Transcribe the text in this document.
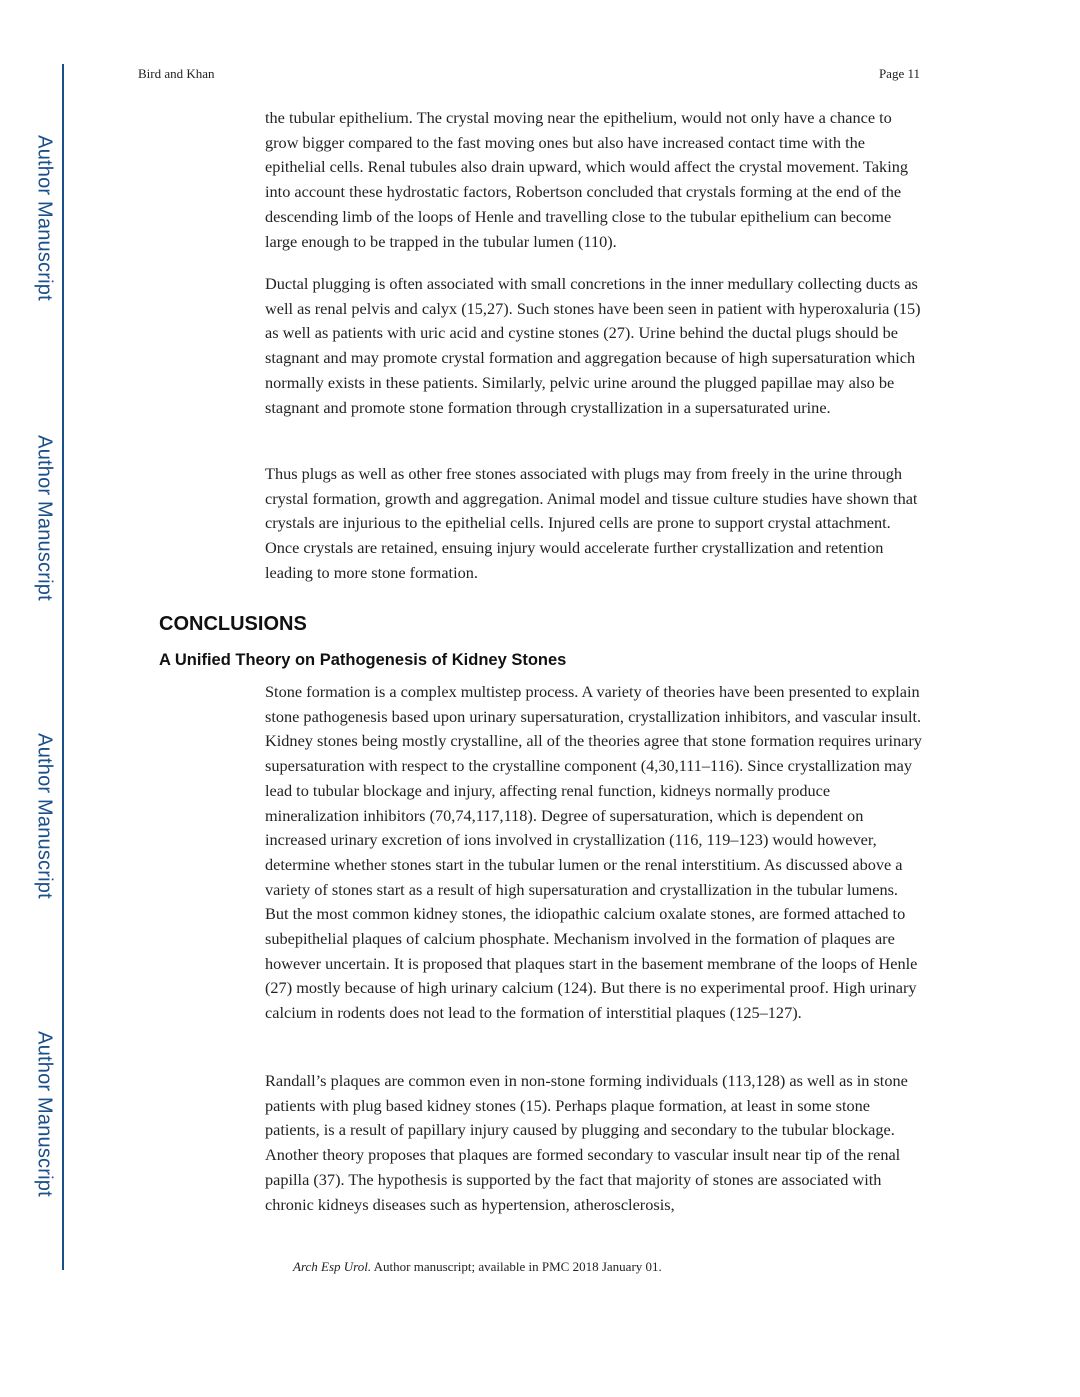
Author Manuscript
Author Manuscript
Author Manuscript
Author Manuscript
Bird and Khan	Page 11

the tubular epithelium. The crystal moving near the epithelium, would not only have a chance to grow bigger compared to the fast moving ones but also have increased contact time with the epithelial cells. Renal tubules also drain upward, which would affect the crystal movement. Taking into account these hydrostatic factors, Robertson concluded that crystals forming at the end of the descending limb of the loops of Henle and travelling close to the tubular epithelium can become large enough to be trapped in the tubular lumen (110).

Ductal plugging is often associated with small concretions in the inner medullary collecting ducts as well as renal pelvis and calyx (15,27). Such stones have been seen in patient with hyperoxaluria (15) as well as patients with uric acid and cystine stones (27). Urine behind the ductal plugs should be stagnant and may promote crystal formation and aggregation because of high supersaturation which normally exists in these patients. Similarly, pelvic urine around the plugged papillae may also be stagnant and promote stone formation through crystallization in a supersaturated urine.

Thus plugs as well as other free stones associated with plugs may from freely in the urine through crystal formation, growth and aggregation. Animal model and tissue culture studies have shown that crystals are injurious to the epithelial cells. Injured cells are prone to support crystal attachment. Once crystals are retained, ensuing injury would accelerate further crystallization and retention leading to more stone formation.

CONCLUSIONS
A Unified Theory on Pathogenesis of Kidney Stones

Stone formation is a complex multistep process. A variety of theories have been presented to explain stone pathogenesis based upon urinary supersaturation, crystallization inhibitors, and vascular insult. Kidney stones being mostly crystalline, all of the theories agree that stone formation requires urinary supersaturation with respect to the crystalline component (4,30,111–116). Since crystallization may lead to tubular blockage and injury, affecting renal function, kidneys normally produce mineralization inhibitors (70,74,117,118). Degree of supersaturation, which is dependent on increased urinary excretion of ions involved in crystallization (116, 119–123) would however, determine whether stones start in the tubular lumen or the renal interstitium. As discussed above a variety of stones start as a result of high supersaturation and crystallization in the tubular lumens. But the most common kidney stones, the idiopathic calcium oxalate stones, are formed attached to subepithelial plaques of calcium phosphate. Mechanism involved in the formation of plaques are however uncertain. It is proposed that plaques start in the basement membrane of the loops of Henle (27) mostly because of high urinary calcium (124). But there is no experimental proof. High urinary calcium in rodents does not lead to the formation of interstitial plaques (125–127).

Randall’s plaques are common even in non-stone forming individuals (113,128) as well as in stone patients with plug based kidney stones (15). Perhaps plaque formation, at least in some stone patients, is a result of papillary injury caused by plugging and secondary to the tubular blockage. Another theory proposes that plaques are formed secondary to vascular insult near tip of the renal papilla (37). The hypothesis is supported by the fact that majority of stones are associated with chronic kidneys diseases such as hypertension, atherosclerosis,

Arch Esp Urol. Author manuscript; available in PMC 2018 January 01.
